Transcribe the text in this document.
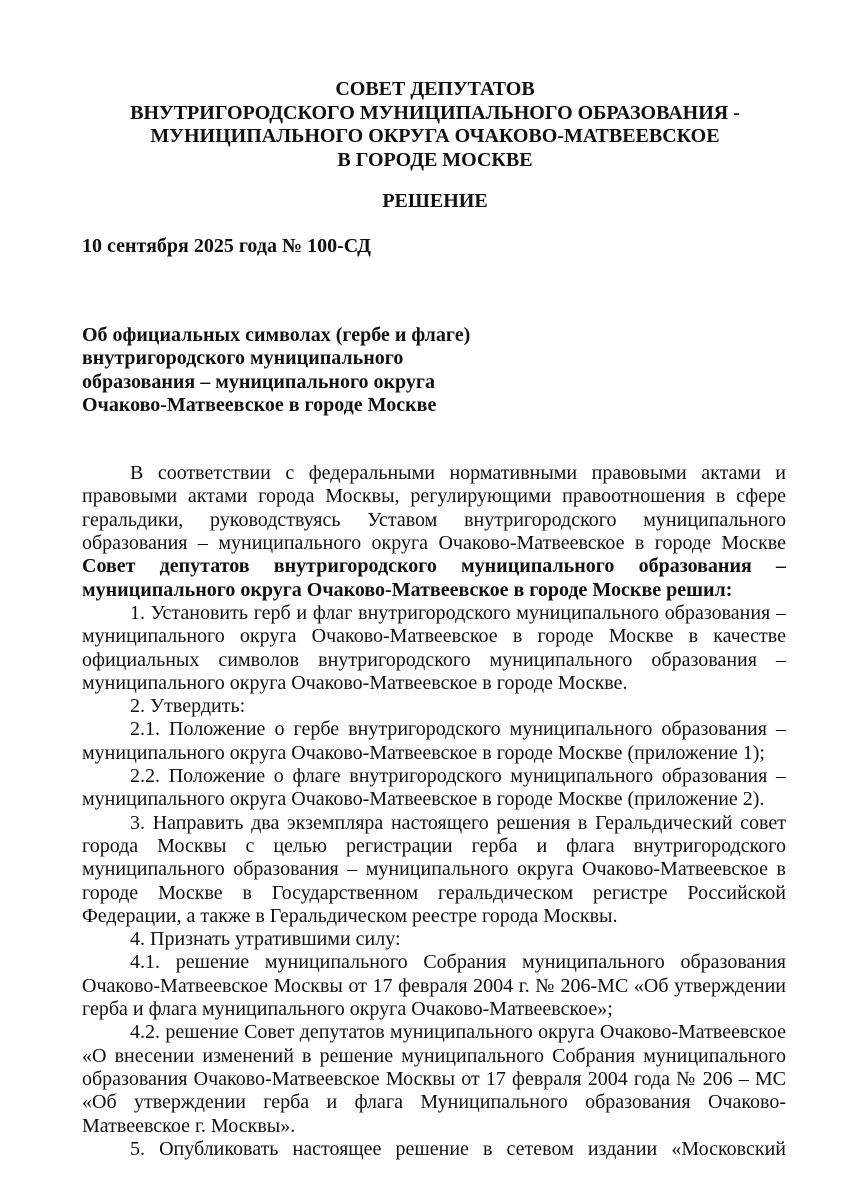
СОВЕТ ДЕПУТАТОВ
ВНУТРИГОРОДСКОГО МУНИЦИПАЛЬНОГО ОБРАЗОВАНИЯ -
МУНИЦИПАЛЬНОГО ОКРУГА ОЧАКОВО-МАТВЕЕВСКОЕ
В ГОРОДЕ МОСКВЕ
РЕШЕНИЕ
10 сентября 2025 года № 100-СД
Об официальных символах (гербе и флаге)
внутригородского муниципального
образования – муниципального округа
Очаково-Матвеевское в городе Москве

В соответствии с федеральными нормативными правовыми актами и правовыми актами города Москвы, регулирующими правоотношения в сфере геральдики, руководствуясь Уставом внутригородского муниципального образования – муниципального округа Очаково-Матвеевское в городе Москве Совет депутатов внутригородского муниципального образования – муниципального округа Очаково-Матвеевское в городе Москве решил:

1. Установить герб и флаг внутригородского муниципального образования – муниципального округа Очаково-Матвеевское в городе Москве в качестве официальных символов внутригородского муниципального образования – муниципального округа Очаково-Матвеевское в городе Москве.

2. Утвердить:

2.1. Положение о гербе внутригородского муниципального образования – муниципального округа Очаково-Матвеевское в городе Москве (приложение 1);

2.2. Положение о флаге внутригородского муниципального образования – муниципального округа Очаково-Матвеевское в городе Москве (приложение 2).

3. Направить два экземпляра настоящего решения в Геральдический совет города Москвы с целью регистрации герба и флага внутригородского муниципального образования – муниципального округа Очаково-Матвеевское в городе Москве в Государственном геральдическом регистре Российской Федерации, а также в Геральдическом реестре города Москвы.

4. Признать утратившими силу:

4.1. решение муниципального Собрания муниципального образования Очаково-Матвеевское Москвы от 17 февраля 2004 г. № 206-МС «Об утверждении герба и флага муниципального округа Очаково-Матвеевское»;

4.2. решение Совет депутатов муниципального округа Очаково-Матвеевское «О внесении изменений в решение муниципального Собрания муниципального образования Очаково-Матвеевское Москвы от 17 февраля 2004 года № 206 – МС «Об утверждении герба и флага Муниципального образования Очаково-Матвеевское г. Москвы».

5. Опубликовать настоящее решение в сетевом издании «Московский
